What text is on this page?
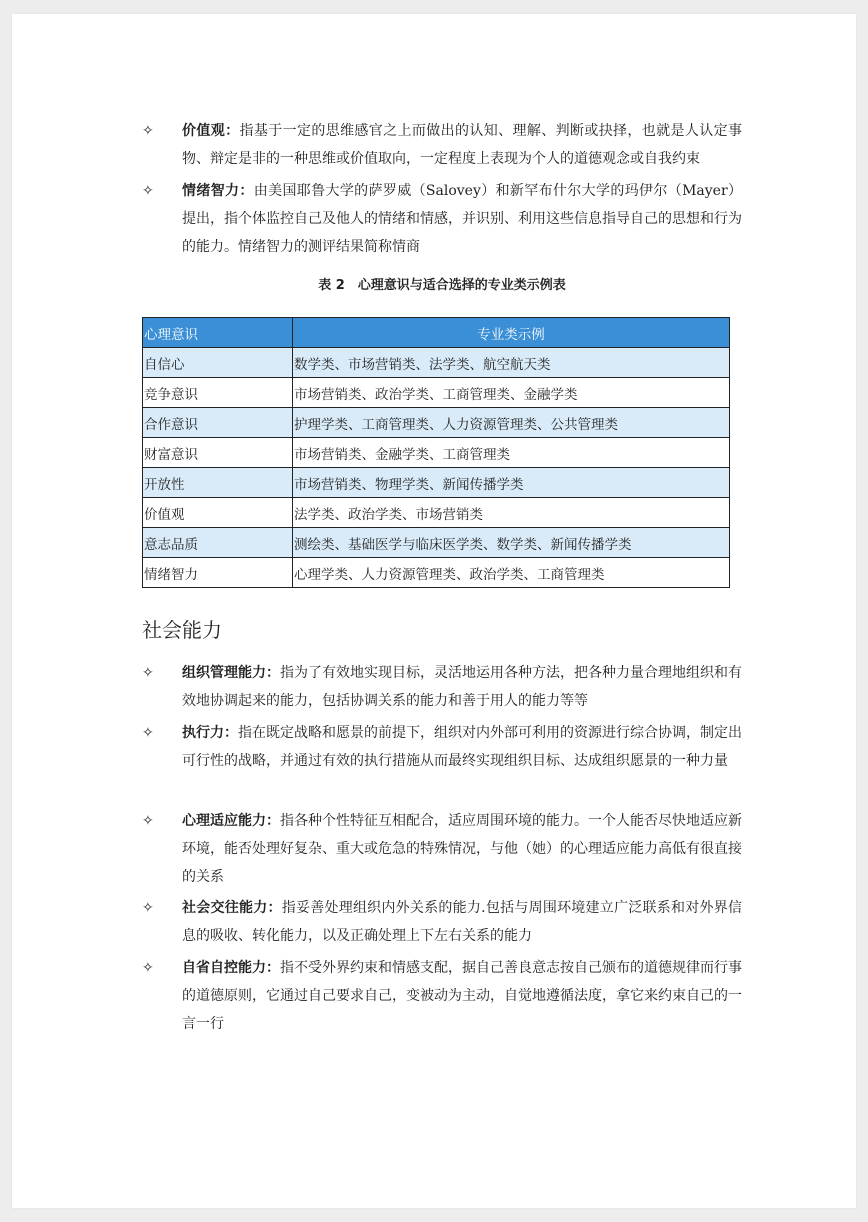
✧ 价值观：指基于一定的思维感官之上而做出的认知、理解、判断或抉择，也就是人认定事物、辩定是非的一种思维或价值取向，一定程度上表现为个人的道德观念或自我约束
✧ 情绪智力：由美国耶鲁大学的萨罗威（Salovey）和新罕布什尔大学的玛伊尔（Mayer）提出，指个体监控自己及他人的情绪和情感，并识别、利用这些信息指导自己的思想和行为的能力。情绪智力的测评结果简称情商
表 2　心理意识与适合选择的专业类示例表
心理意识	专业类示例
自信心	数学类、市场营销类、法学类、航空航天类
竞争意识	市场营销类、政治学类、工商管理类、金融学类
合作意识	护理学类、工商管理类、人力资源管理类、公共管理类
财富意识	市场营销类、金融学类、工商管理类
开放性	市场营销类、物理学类、新闻传播学类
价值观	法学类、政治学类、市场营销类
意志品质	测绘类、基础医学与临床医学类、数学类、新闻传播学类
情绪智力	心理学类、人力资源管理类、政治学类、工商管理类
社会能力
✧ 组织管理能力：指为了有效地实现目标，灵活地运用各种方法，把各种力量合理地组织和有效地协调起来的能力，包括协调关系的能力和善于用人的能力等等
✧ 执行力：指在既定战略和愿景的前提下，组织对内外部可利用的资源进行综合协调，制定出可行性的战略，并通过有效的执行措施从而最终实现组织目标、达成组织愿景的一种力量
✧ 心理适应能力：指各种个性特征互相配合，适应周围环境的能力。一个人能否尽快地适应新环境，能否处理好复杂、重大或危急的特殊情况，与他（她）的心理适应能力高低有很直接的关系
✧ 社会交往能力：指妥善处理组织内外关系的能力.包括与周围环境建立广泛联系和对外界信息的吸收、转化能力，以及正确处理上下左右关系的能力
✧ 自省自控能力：指不受外界约束和情感支配，据自己善良意志按自己颁布的道德规律而行事的道德原则，它通过自己要求自己，变被动为主动，自觉地遵循法度，拿它来约束自己的一言一行
